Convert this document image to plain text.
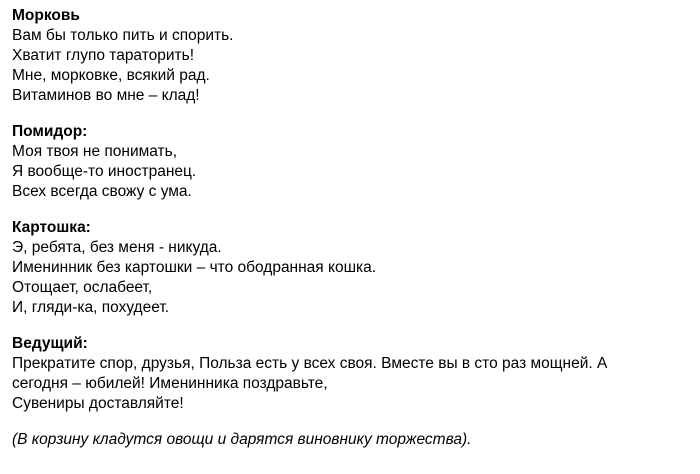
Морковь
Вам бы только пить и спорить.
Хватит глупо тараторить!
Мне, морковке, всякий рад.
Витаминов во мне – клад!
Помидор:
Моя твоя не понимать,
Я вообще-то иностранец.
Всех всегда свожу с ума.
Картошка:
Э, ребята, без меня - никуда.
Именинник без картошки – что ободранная кошка.
Отощает, ослабеет,
И, гляди-ка, похудеет.
Ведущий:
Прекратите спор, друзья, Польза есть у всех своя. Вместе вы в сто раз мощней. А сегодня – юбилей! Именинника поздравьте,
Сувениры доставляйте!
(В корзину кладутся овощи и дарятся виновнику торжества).
